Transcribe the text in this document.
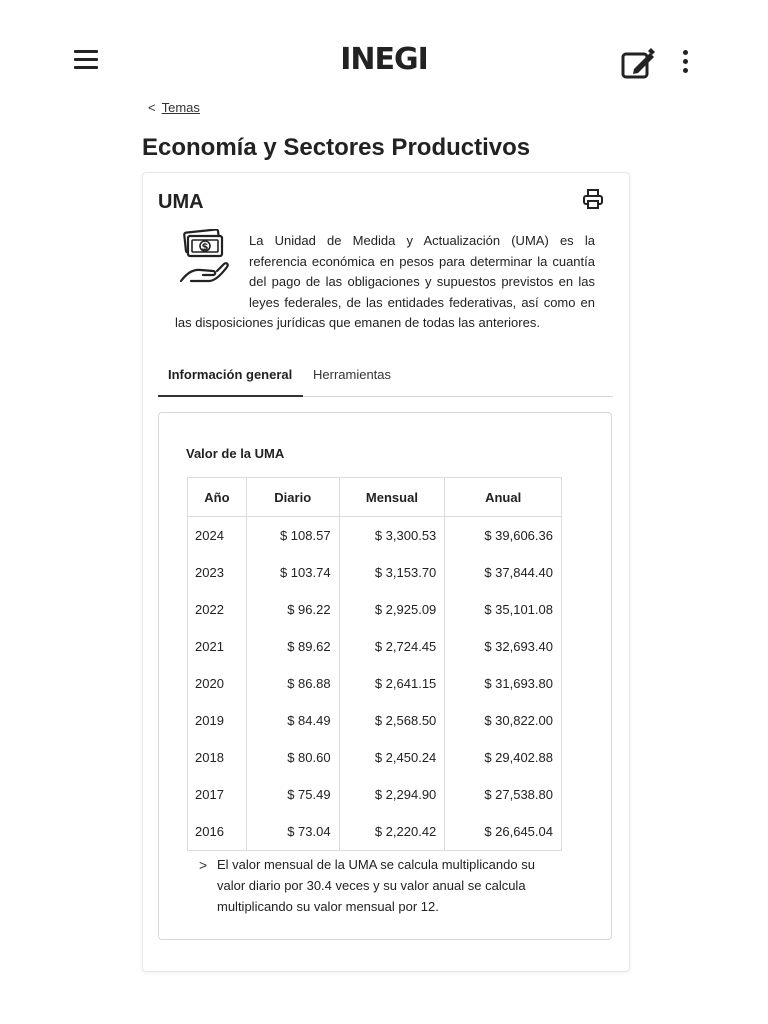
INEGI
< Temas
Economía y Sectores Productivos
UMA
$	La Unidad de Medida y Actualización (UMA) es la referencia económica en pesos para determinar la cuantía del pago de las obligaciones y supuestos previstos en las leyes federales, de las entidades federativas, así como en las disposiciones jurídicas que emanen de todas las anteriores.

Información general Herramientas
Valor de la UMA
Año	Diario	Mensual	Anual
2024	$ 108.57	$ 3,300.53	$ 39,606.36
2023	$ 103.74	$ 3,153.70	$ 37,844.40
2022	$ 96.22	$ 2,925.09	$ 35,101.08
2021	$ 89.62	$ 2,724.45	$ 32,693.40
2020	$ 86.88	$ 2,641.15	$ 31,693.80
2019	$ 84.49	$ 2,568.50	$ 30,822.00
2018	$ 80.60	$ 2,450.24	$ 29,402.88
2017	$ 75.49	$ 2,294.90	$ 27,538.80
2016	$ 73.04	$ 2,220.42	$ 26,645.04
> El valor mensual de la UMA se calcula multiplicando su valor diario por 30.4 veces y su valor anual se calcula multiplicando su valor mensual por 12.
